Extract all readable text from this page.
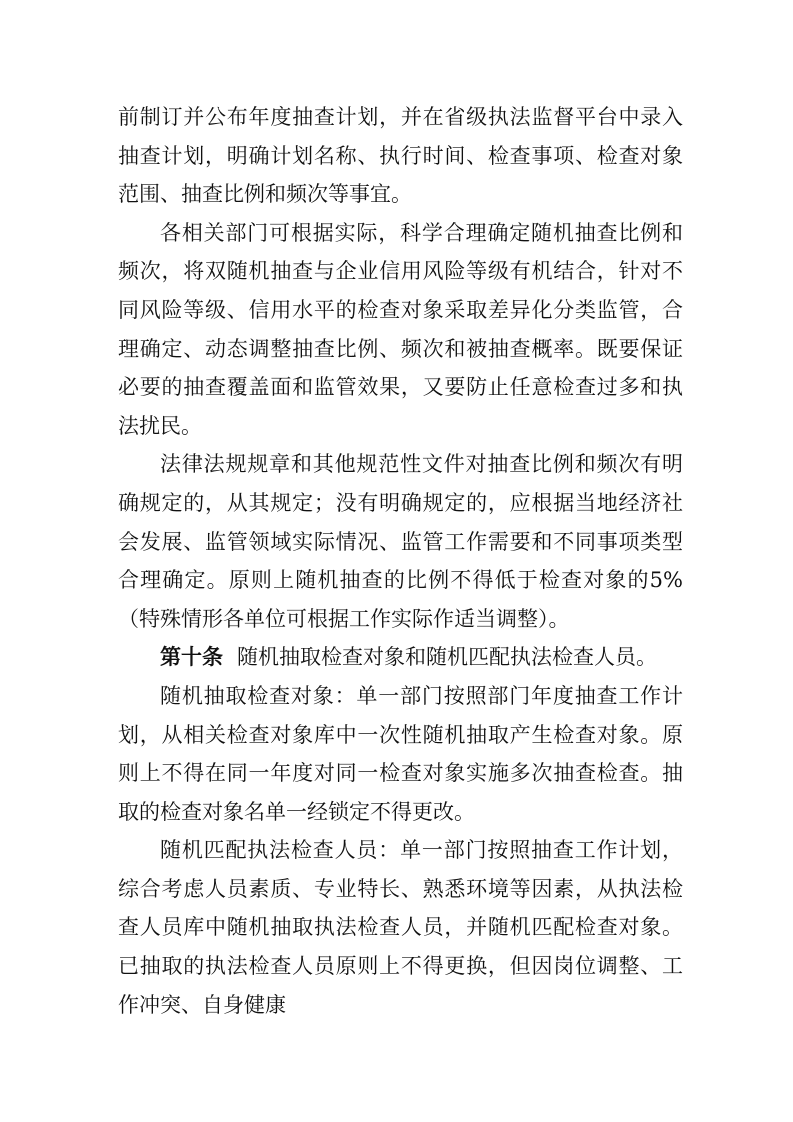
前制订并公布年度抽查计划，并在省级执法监督平台中录入抽查计划，明确计划名称、执行时间、检查事项、检查对象范围、抽查比例和频次等事宜。

各相关部门可根据实际，科学合理确定随机抽查比例和频次，将双随机抽查与企业信用风险等级有机结合，针对不同风险等级、信用水平的检查对象采取差异化分类监管，合理确定、动态调整抽查比例、频次和被抽查概率。既要保证必要的抽查覆盖面和监管效果，又要防止任意检查过多和执法扰民。

法律法规规章和其他规范性文件对抽查比例和频次有明确规定的，从其规定；没有明确规定的，应根据当地经济社会发展、监管领域实际情况、监管工作需要和不同事项类型合理确定。原则上随机抽查的比例不得低于检查对象的5%（特殊情形各单位可根据工作实际作适当调整）。

第十条 随机抽取检查对象和随机匹配执法检查人员。

随机抽取检查对象：单一部门按照部门年度抽查工作计划，从相关检查对象库中一次性随机抽取产生检查对象。原则上不得在同一年度对同一检查对象实施多次抽查检查。抽取的检查对象名单一经锁定不得更改。

随机匹配执法检查人员：单一部门按照抽查工作计划，综合考虑人员素质、专业特长、熟悉环境等因素，从执法检查人员库中随机抽取执法检查人员，并随机匹配检查对象。已抽取的执法检查人员原则上不得更换，但因岗位调整、工作冲突、自身健康
